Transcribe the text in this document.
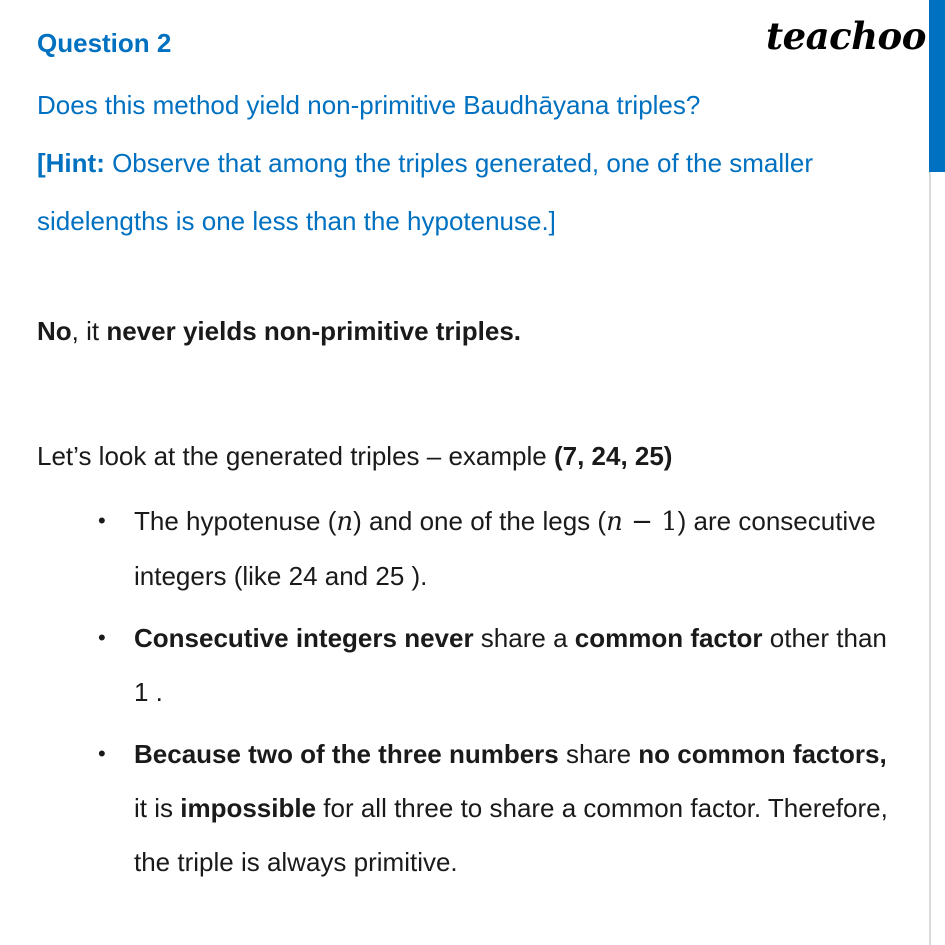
teachoo
Question 2

Does this method yield non-primitive Baudhāyana triples?

[Hint: Observe that among the triples generated, one of the smaller

sidelengths is one less than the hypotenuse.]

No, it never yields non-primitive triples.
Let’s look at the generated triples – example (7, 24, 25)
• The hypotenuse (n) and one of the legs (n − 1) are consecutive integers (like 24 and 25 ).
• Consecutive integers never share a common factor other than 1 .
• Because two of the three numbers share no common factors, it is impossible for all three to share a common factor. Therefore, the triple is always primitive.
